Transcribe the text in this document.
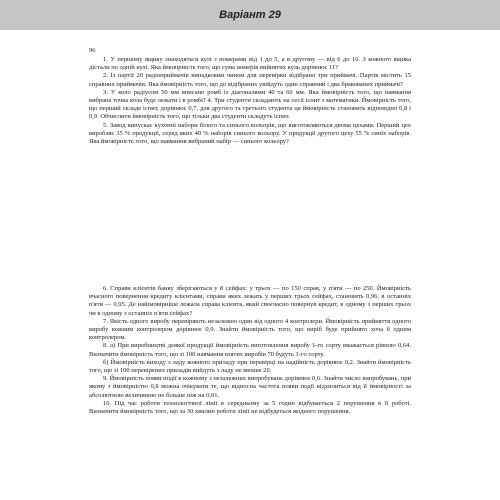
Варіант 29
96

1. У першому ящику знаходяться кулі з номерами від 1 до 5, а в другому — від 6 до 10. З кожного ящика дістали по одній кулі. Яка ймовірність того, що сума номерів вийнятих куль дорівнює 11?

2. Із партії 20 радіоприймачів випадковим чином для перевірки відібрано три приймачі. Партія містить 15 справних приймачів. Яка ймовірність того, що до відібраних увійдуть один справний і два бракованих приймачі?

3. У коло радіусом 50 мм вписано ромб із діагоналями 40 та 60 мм. Яка ймовірність того, що навмання вибрана точка кола буде лежати і в ромбі? 4. Три студенти складають на сесії іспит з математики. Ймовірність того, що перший складе іспит, дорівнює 0,7, для другого та третього студента ця ймовірність становить відповідно 0,8 і 0,9. Обчислити ймовірність того, що тільки два студенти складуть іспит.

5. Завод випускає кухонні набори білого та синього кольорів, що виготовляються двома цехами. Перший цех виробляє 35 % продукції, серед яких 40 % наборів синього кольору. У продукції другого цеху 55 % синіх наборів. Яка ймовірність того, що навмання вибраний набір — синього кольору?

6. Справи клієнтів банку зберігаються у 8 сейфах: у трьох — по 150 справ, у п'яти — по 250. Ймовірність вчасного повернення кредиту клієнтами, справи яких лежать у перших трьох сейфах, становить 0,96, в останніх п'яти — 0,95. Де найімовірніше лежала справа клієнта, який своєчасно повернув кредит, в одному з перших трьох чи в одному з останніх п'яти сейфах?

7. Якість одного виробу перевіряють незалежно один від одного 4 контролери. Ймовірність прийняття одного виробу кожним контролером дорівнює 0,9. Знайти ймовірність того, що виріб буде прийнято хоча б одним контролером.

8. а) При виробництві деякої продукції ймовірність виготовлення виробу 1-го сорту вважається рівною 0,64. Визначити ймовірність того, що зі 100 навмання взятих виробів 70 будуть 1-го сорту.

б) Ймовірність виходу з ладу кожного приладу при перевірці на надійність дорівнює 0,2. Знайти ймовірність того, що зі 100 перевірених приладів вийдуть з ладу не менше 20.

9. Ймовірність появи події в кожному з незалежних випробувань дорівнює 0,6. Знайти число випробувань, при якому з ймовірністю 0,8 можна очікувати те, що відносна частота появи події відхилиться від її ймовірності за абсолютною величиною не більше ніж на 0,01.

10. Під час роботи технологічної лінії в середньому за 5 годин відбувається 2 порушення в її роботі. Визначити ймовірність того, що за 30 хвилин роботи лінії не відбудеться жодного порушення.
